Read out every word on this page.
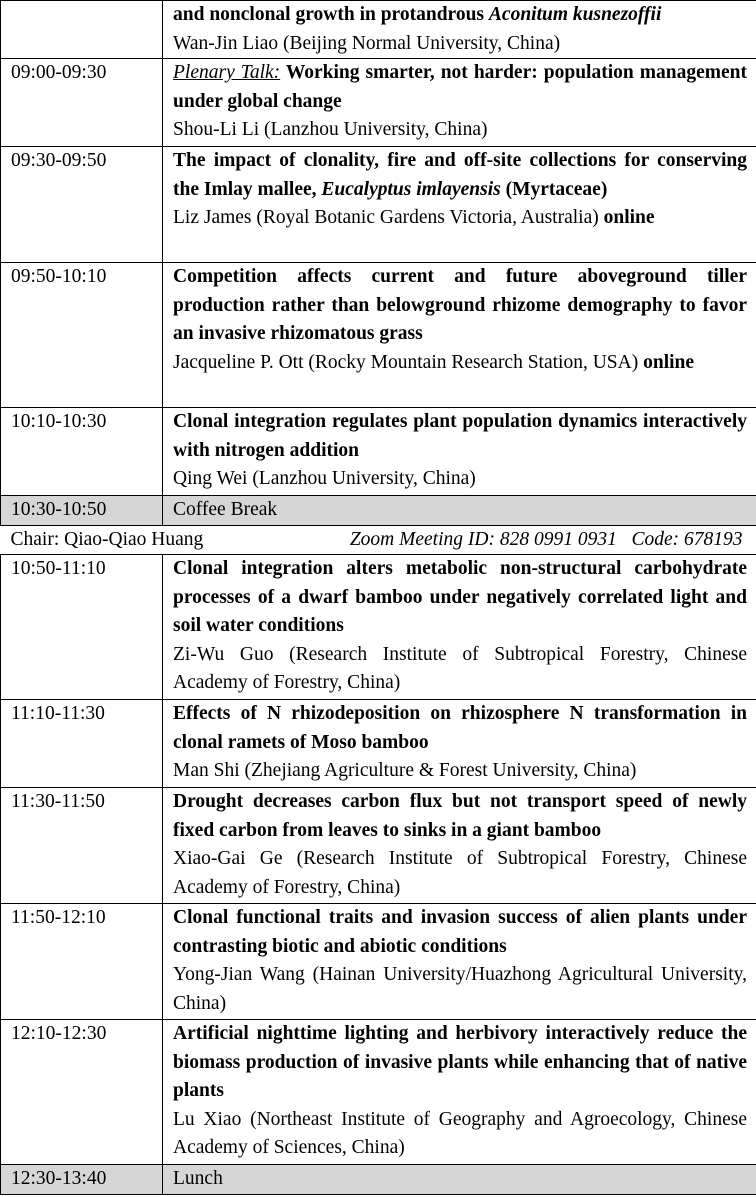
	and nonclonal growth in protandrous Aconitum kusnezoffii
Wan-Jin Liao (Beijing Normal University, China)

09:00-09:30	Plenary Talk: Working smarter, not harder: population management under global change
Shou-Li Li (Lanzhou University, China)

09:30-09:50	The impact of clonality, fire and off-site collections for conserving the Imlay mallee, Eucalyptus imlayensis (Myrtaceae)
Liz James (Royal Botanic Gardens Victoria, Australia) online

09:50-10:10	Competition affects current and future aboveground tiller production rather than belowground rhizome demography to favor an invasive rhizomatous grass
Jacqueline P. Ott (Rocky Mountain Research Station, USA) online

10:10-10:30	Clonal integration regulates plant population dynamics interactively with nitrogen addition
Qing Wei (Lanzhou University, China)

10:30-10:50	Coffee Break

Chair: Qiao-Qiao Huang Zoom Meeting ID: 828 0991 0931   Code: 678193	

10:50-11:10	Clonal integration alters metabolic non-structural carbohydrate processes of a dwarf bamboo under negatively correlated light and soil water conditions
Zi-Wu Guo (Research Institute of Subtropical Forestry, Chinese Academy of Forestry, China)

11:10-11:30	Effects of N rhizodeposition on rhizosphere N transformation in clonal ramets of Moso bamboo
Man Shi (Zhejiang Agriculture & Forest University, China)

11:30-11:50	Drought decreases carbon flux but not transport speed of newly fixed carbon from leaves to sinks in a giant bamboo
Xiao-Gai Ge (Research Institute of Subtropical Forestry, Chinese Academy of Forestry, China)

11:50-12:10	Clonal functional traits and invasion success of alien plants under contrasting biotic and abiotic conditions
Yong-Jian Wang (Hainan University/Huazhong Agricultural University, China)

12:10-12:30	Artificial nighttime lighting and herbivory interactively reduce the biomass production of invasive plants while enhancing that of native plants
Lu Xiao (Northeast Institute of Geography and Agroecology, Chinese Academy of Sciences, China)

12:30-13:40	Lunch
